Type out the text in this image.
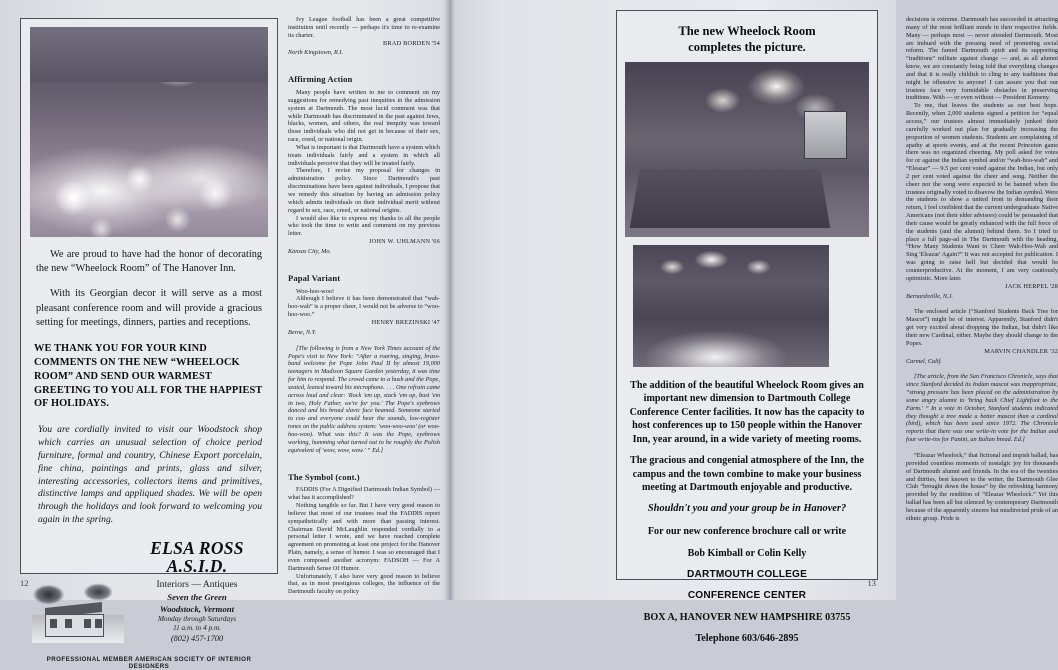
We are proud to have had the honor of decorating the new “Wheelock Room” of The Hanover Inn.
With its Georgian decor it will serve as a most pleasant conference room and will provide a gracious setting for meetings, dinners, parties and receptions.
WE THANK YOU FOR YOUR KIND COMMENTS ON THE NEW “WHEELOCK ROOM” AND SEND OUR WARMEST GREETING TO YOU ALL FOR THE HAPPIEST OF HOLIDAYS.
You are cordially invited to visit our Woodstock shop which carries an unusual selection of choice period furniture, formal and country, Chinese Export porcelain, fine china, paintings and prints, glass and silver, interesting accessories, collectors items and primitives, distinctive lamps and appliqued shades. We will be open through the holidays and look forward to welcoming you again in the spring.
ELSA ROSS A.S.I.D.
Interiors — Antiques
Seven the Green
Woodstock, Vermont
Monday through Saturdays
11 a.m. to 4 p.m.
(802) 457-1700
PROFESSIONAL MEMBER AMERICAN SOCIETY OF INTERIOR DESIGNERS

Ivy League football has been a great competitive institution until recently — perhaps it's time to re-examine its charter.

BRAD BORDEN '54

North Kingstown, R.I.

Affirming Action

Many people have written to me to comment on my suggestions for remedying past inequities in the admission system at Dartmouth. The most lucid comment was that while Dartmouth has discriminated in the past against Jews, blacks, women, and others, the real inequity was toward those individuals who did not get in because of their sex, race, creed, or national origin.

What is important is that Dartmouth have a system which treats individuals fairly and a system in which all individuals perceive that they will be treated fairly.

Therefore, I revise my proposal for changes in administration policy. Since Dartmouth's past discriminations have been against individuals, I propose that we remedy this situation by having an admission policy which admits individuals on their individual merit without regard to sex, race, creed, or national origins.

I would also like to express my thanks to all the people who took the time to write and comment on my previous letter.

JOHN W. UHLMANN '66

Kansas City, Mo.

Papal Variant

Woo-hoo-woo!

Although I believe it has been demonstrated that “wah-hoo-wah” is a proper cheer, I would not be adverse to “woo-hoo-woo.”

HENRY BREZINSKI '47

Berne, N.Y.

[The following is from a New York Times account of the Pope's visit to New York: “After a roaring, singing, brass-band welcome for Pope John Paul II by almost 19,000 teenagers in Madison Square Garden yesterday, it was time for him to respond. The crowd came to a hush and the Pope, seated, leaned toward his microphone. . . . One refrain came across loud and clear: 'Rock 'em up, stack 'em up, bust 'em in two, Holy Father, we're for you.' The Pope's eyebrows danced and his broad slavic face beamed. Someone started to coo and everyone could hear the sounds, low-register tones on the public address system: 'woo-woo-woo' (or woo-hoo-woo). What was this? It was the Pope, eyebrows working, humming what turned out to be roughly the Polish equivalent of 'wow, wow, wow.' ” Ed.]

The Symbol (cont.)

FADDIS (For A Dignified Dartmouth Indian Symbol) — what has it accomplished?

Nothing tangible so far. But I have very good reason to believe that most of our trustees read the FADDIS report sympathetically and with more than passing interest. Chairman David McLaughlin responded cordially to a personal letter I wrote, and we have reached complete agreement on promoting at least one project for the Hanover Plain, namely, a sense of humor. I was so encouraged that I even composed another acronym: FADSOH — For A Dartmouth Sense Of Humor.

Unfortunately, I also have very good reason to believe that, as in most prestigious colleges, the influence of the Dartmouth faculty on policy

12

decisions is extreme. Dartmouth has succeeded in attracting many of the most brilliant minds in their respective fields. Many — perhaps most — never attended Dartmouth. Most are imbued with the pressing need of promoting social reform. The famed Dartmouth spirit and its supporting “traditions” militate against change — and, as all alumni know, we are constantly being told that everything changes and that it is really childish to cling to any traditions that might be offensive to anyone! I can assure you that our trustees face very formidable obstacles in preserving traditions. With — or even without — President Kemeny.

To me, that leaves the students as our best hope. Recently, when 2,000 students signed a petition for “equal access,” our trustees almost immediately junked their carefully worked out plan for gradually increasing the proportion of women students. Students are complaining of apathy at sports events, and at the recent Princeton game there was no organized cheering. My poll asked for votes for or against the Indian symbol and/or “wah-hoo-wah” and “Eleazar” — 9.5 per cent voted against the Indian, but only 2 per cent voted against the cheer and song. Neither the cheer nor the song were expected to be banned when the trustees originally voted to disavow the Indian symbol. Were the students to show a united front in demanding their return, I feel confident that the current undergraduate Native Americans (not their elder advisors) could be persuaded that their cause would be greatly enhanced with the full force of the students (and the alumni) behind them. So I tried to place a full page-ad in The Dartmouth with the heading, “How Many Students Want to Cheer Wah-Hoo-Wah and Sing 'Eleazar' Again?” It was not accepted for publication. I was going to raise hell but decided that would be counterproductive. At the moment, I am very cautiously optimistic. More later.

JACK HERPEL '28

Bernardsville, N.J.

The enclosed article (“Stanford Students Back Tree for Mascot”) might be of interest. Apparently, Stanford didn't get very excited about dropping the Indian, but didn't like their new Cardinal, either. Maybe they should change to the Popes.

MARVIN CHANDLER '32

Carmel, Calif.

[The article, from the San Francisco Chronicle, says that since Stanford decided its Indian mascot was inappropriate, “strong pressure has been placed on the administration by some angry alumni to 'bring back Chief Lightfoot to the Farm.' ” In a vote in October, Stanford students indicated they thought a tree made a better mascot than a cardinal (bird), which has been used since 1972. The Chronicle reports that there was one write-in vote for the Indian and four write-ins for Panini, an Italian bread. Ed.]

“Eleazar Wheelock,” that fictional and impish ballad, has provided countless moments of nostalgic joy for thousands of Dartmouth alumni and friends. In the era of the twenties and thirties, best known to the writer, the Dartmouth Glee Club “brought down the house” by the refreshing harmony provided by the rendition of “Eleazar Wheelock.” Yet this ballad has been all but silenced by contemporary Dartmouth because of the apparently sincere but misdirected pride of an ethnic group. Pride is

The new Wheelock Room
completes the picture.

The addition of the beautiful Wheelock Room gives an important new dimension to Dartmouth College Conference Center facilities. It now has the capacity to host conferences up to 150 people within the Hanover Inn, year around, in a wide variety of meeting rooms.

The gracious and congenial atmosphere of the Inn, the campus and the town combine to make your business meeting at Dartmouth enjoyable and productive.

Shouldn't you and your group be in Hanover?

For our new conference brochure call or write

Bob Kimball or Colin Kelly

DARTMOUTH COLLEGE

CONFERENCE CENTER

BOX A, HANOVER NEW HAMPSHIRE 03755

Telephone 603/646-2895

13
